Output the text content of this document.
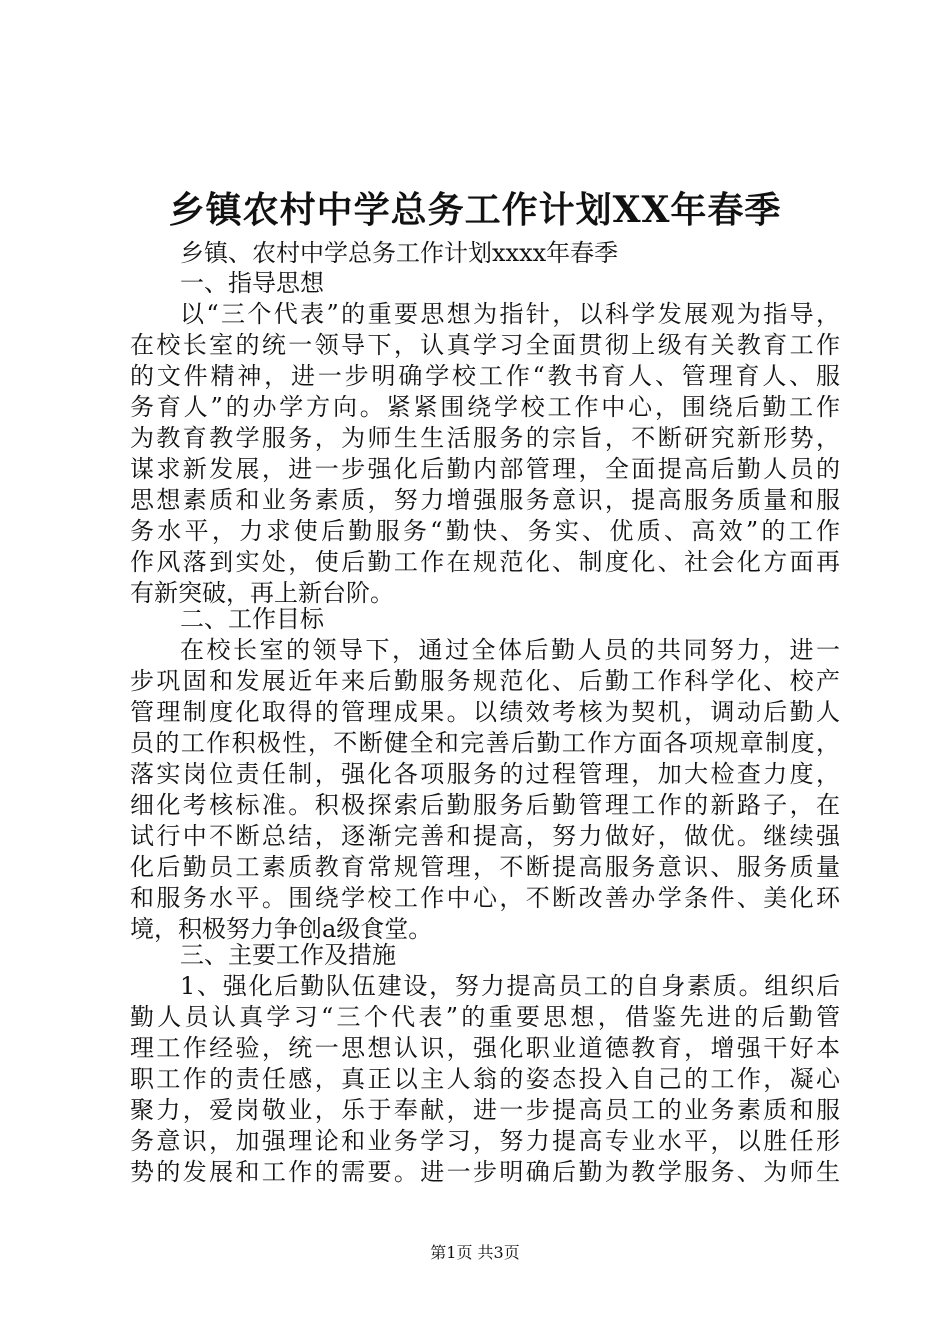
乡镇农村中学总务工作计划XX年春季
乡镇、农村中学总务工作计划xxxx年春季
一、指导思想
以“三个代表”的重要思想为指针，以科学发展观为指导，
在校长室的统一领导下，认真学习全面贯彻上级有关教育工作
的文件精神，进一步明确学校工作“教书育人、管理育人、服
务育人”的办学方向。紧紧围绕学校工作中心，围绕后勤工作
为教育教学服务，为师生生活服务的宗旨，不断研究新形势，
谋求新发展，进一步强化后勤内部管理，全面提高后勤人员的
思想素质和业务素质，努力增强服务意识，提高服务质量和服
务水平，力求使后勤服务“勤快、务实、优质、高效”的工作
作风落到实处，使后勤工作在规范化、制度化、社会化方面再
有新突破，再上新台阶。
二、工作目标
在校长室的领导下，通过全体后勤人员的共同努力，进一
步巩固和发展近年来后勤服务规范化、后勤工作科学化、校产
管理制度化取得的管理成果。以绩效考核为契机，调动后勤人
员的工作积极性，不断健全和完善后勤工作方面各项规章制度，
落实岗位责任制，强化各项服务的过程管理，加大检查力度，
细化考核标准。积极探索后勤服务后勤管理工作的新路子，在
试行中不断总结，逐渐完善和提高，努力做好，做优。继续强
化后勤员工素质教育常规管理，不断提高服务意识、服务质量
和服务水平。围绕学校工作中心，不断改善办学条件、美化环
境，积极努力争创a级食堂。
三、主要工作及措施
1、强化后勤队伍建设，努力提高员工的自身素质。组织后
勤人员认真学习“三个代表”的重要思想，借鉴先进的后勤管
理工作经验，统一思想认识，强化职业道德教育，增强干好本
职工作的责任感，真正以主人翁的姿态投入自己的工作，凝心
聚力，爱岗敬业，乐于奉献，进一步提高员工的业务素质和服
务意识，加强理论和业务学习，努力提高专业水平，以胜任形
势的发展和工作的需要。进一步明确后勤为教学服务、为师生
第1页 共3页
